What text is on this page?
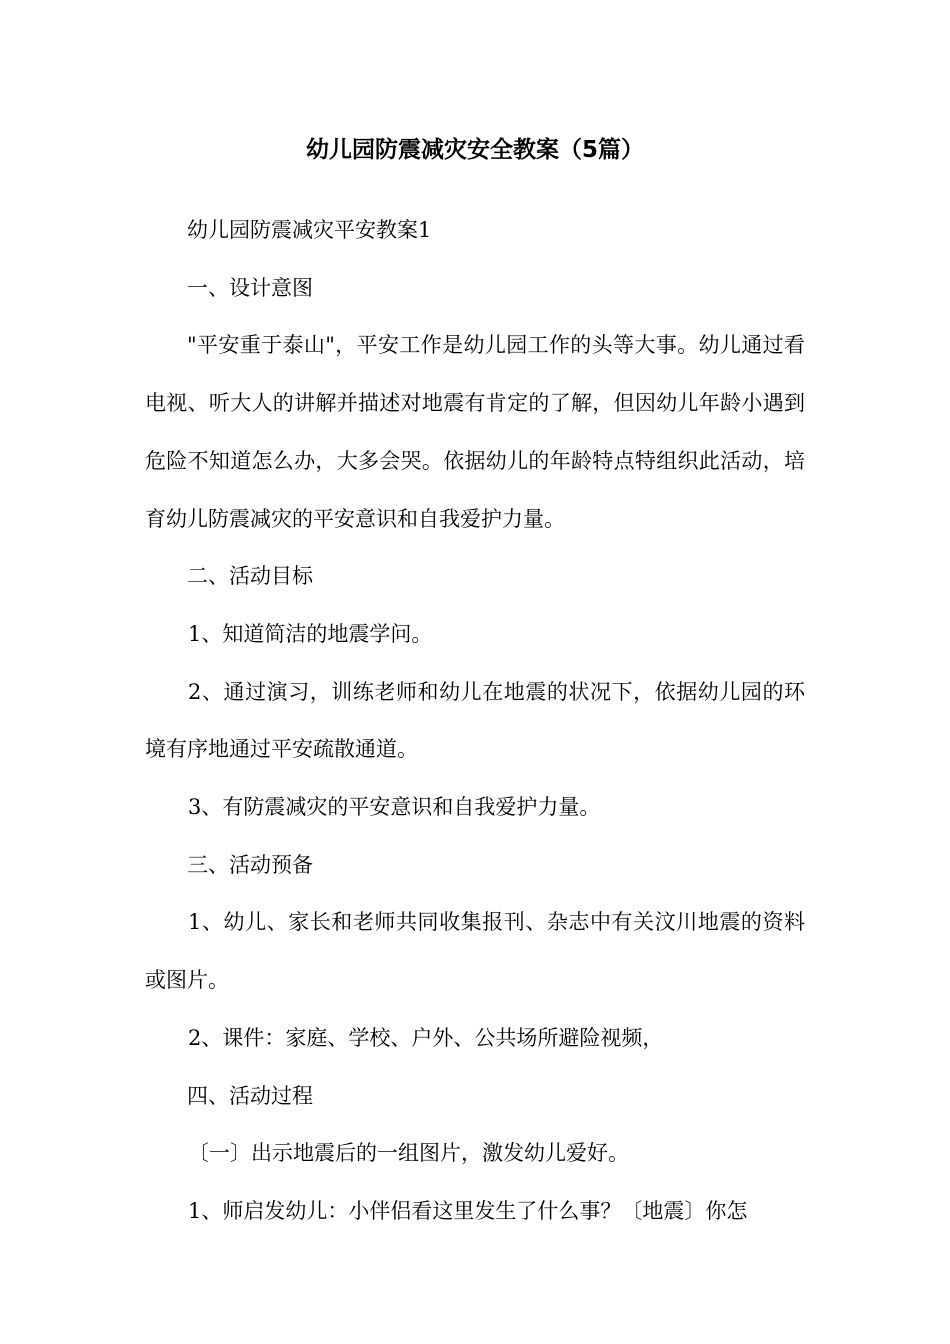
幼儿园防震减灾安全教案（5篇）

幼儿园防震减灾平安教案1

一、设计意图

"平安重于泰山"，平安工作是幼儿园工作的头等大事。幼儿通过看电视、听大人的讲解并描述对地震有肯定的了解，但因幼儿年龄小遇到危险不知道怎么办，大多会哭。依据幼儿的年龄特点特组织此活动，培育幼儿防震减灾的平安意识和自我爱护力量。

二、活动目标

1、知道简洁的地震学问。

2、通过演习，训练老师和幼儿在地震的状况下，依据幼儿园的环境有序地通过平安疏散通道。

3、有防震减灾的平安意识和自我爱护力量。

三、活动预备

1、幼儿、家长和老师共同收集报刊、杂志中有关汶川地震的资料或图片。

2、课件：家庭、学校、户外、公共场所避险视频，

四、活动过程

〔一〕出示地震后的一组图片，激发幼儿爱好。

1、师启发幼儿：小伴侣看这里发生了什么事？〔地震〕你怎
